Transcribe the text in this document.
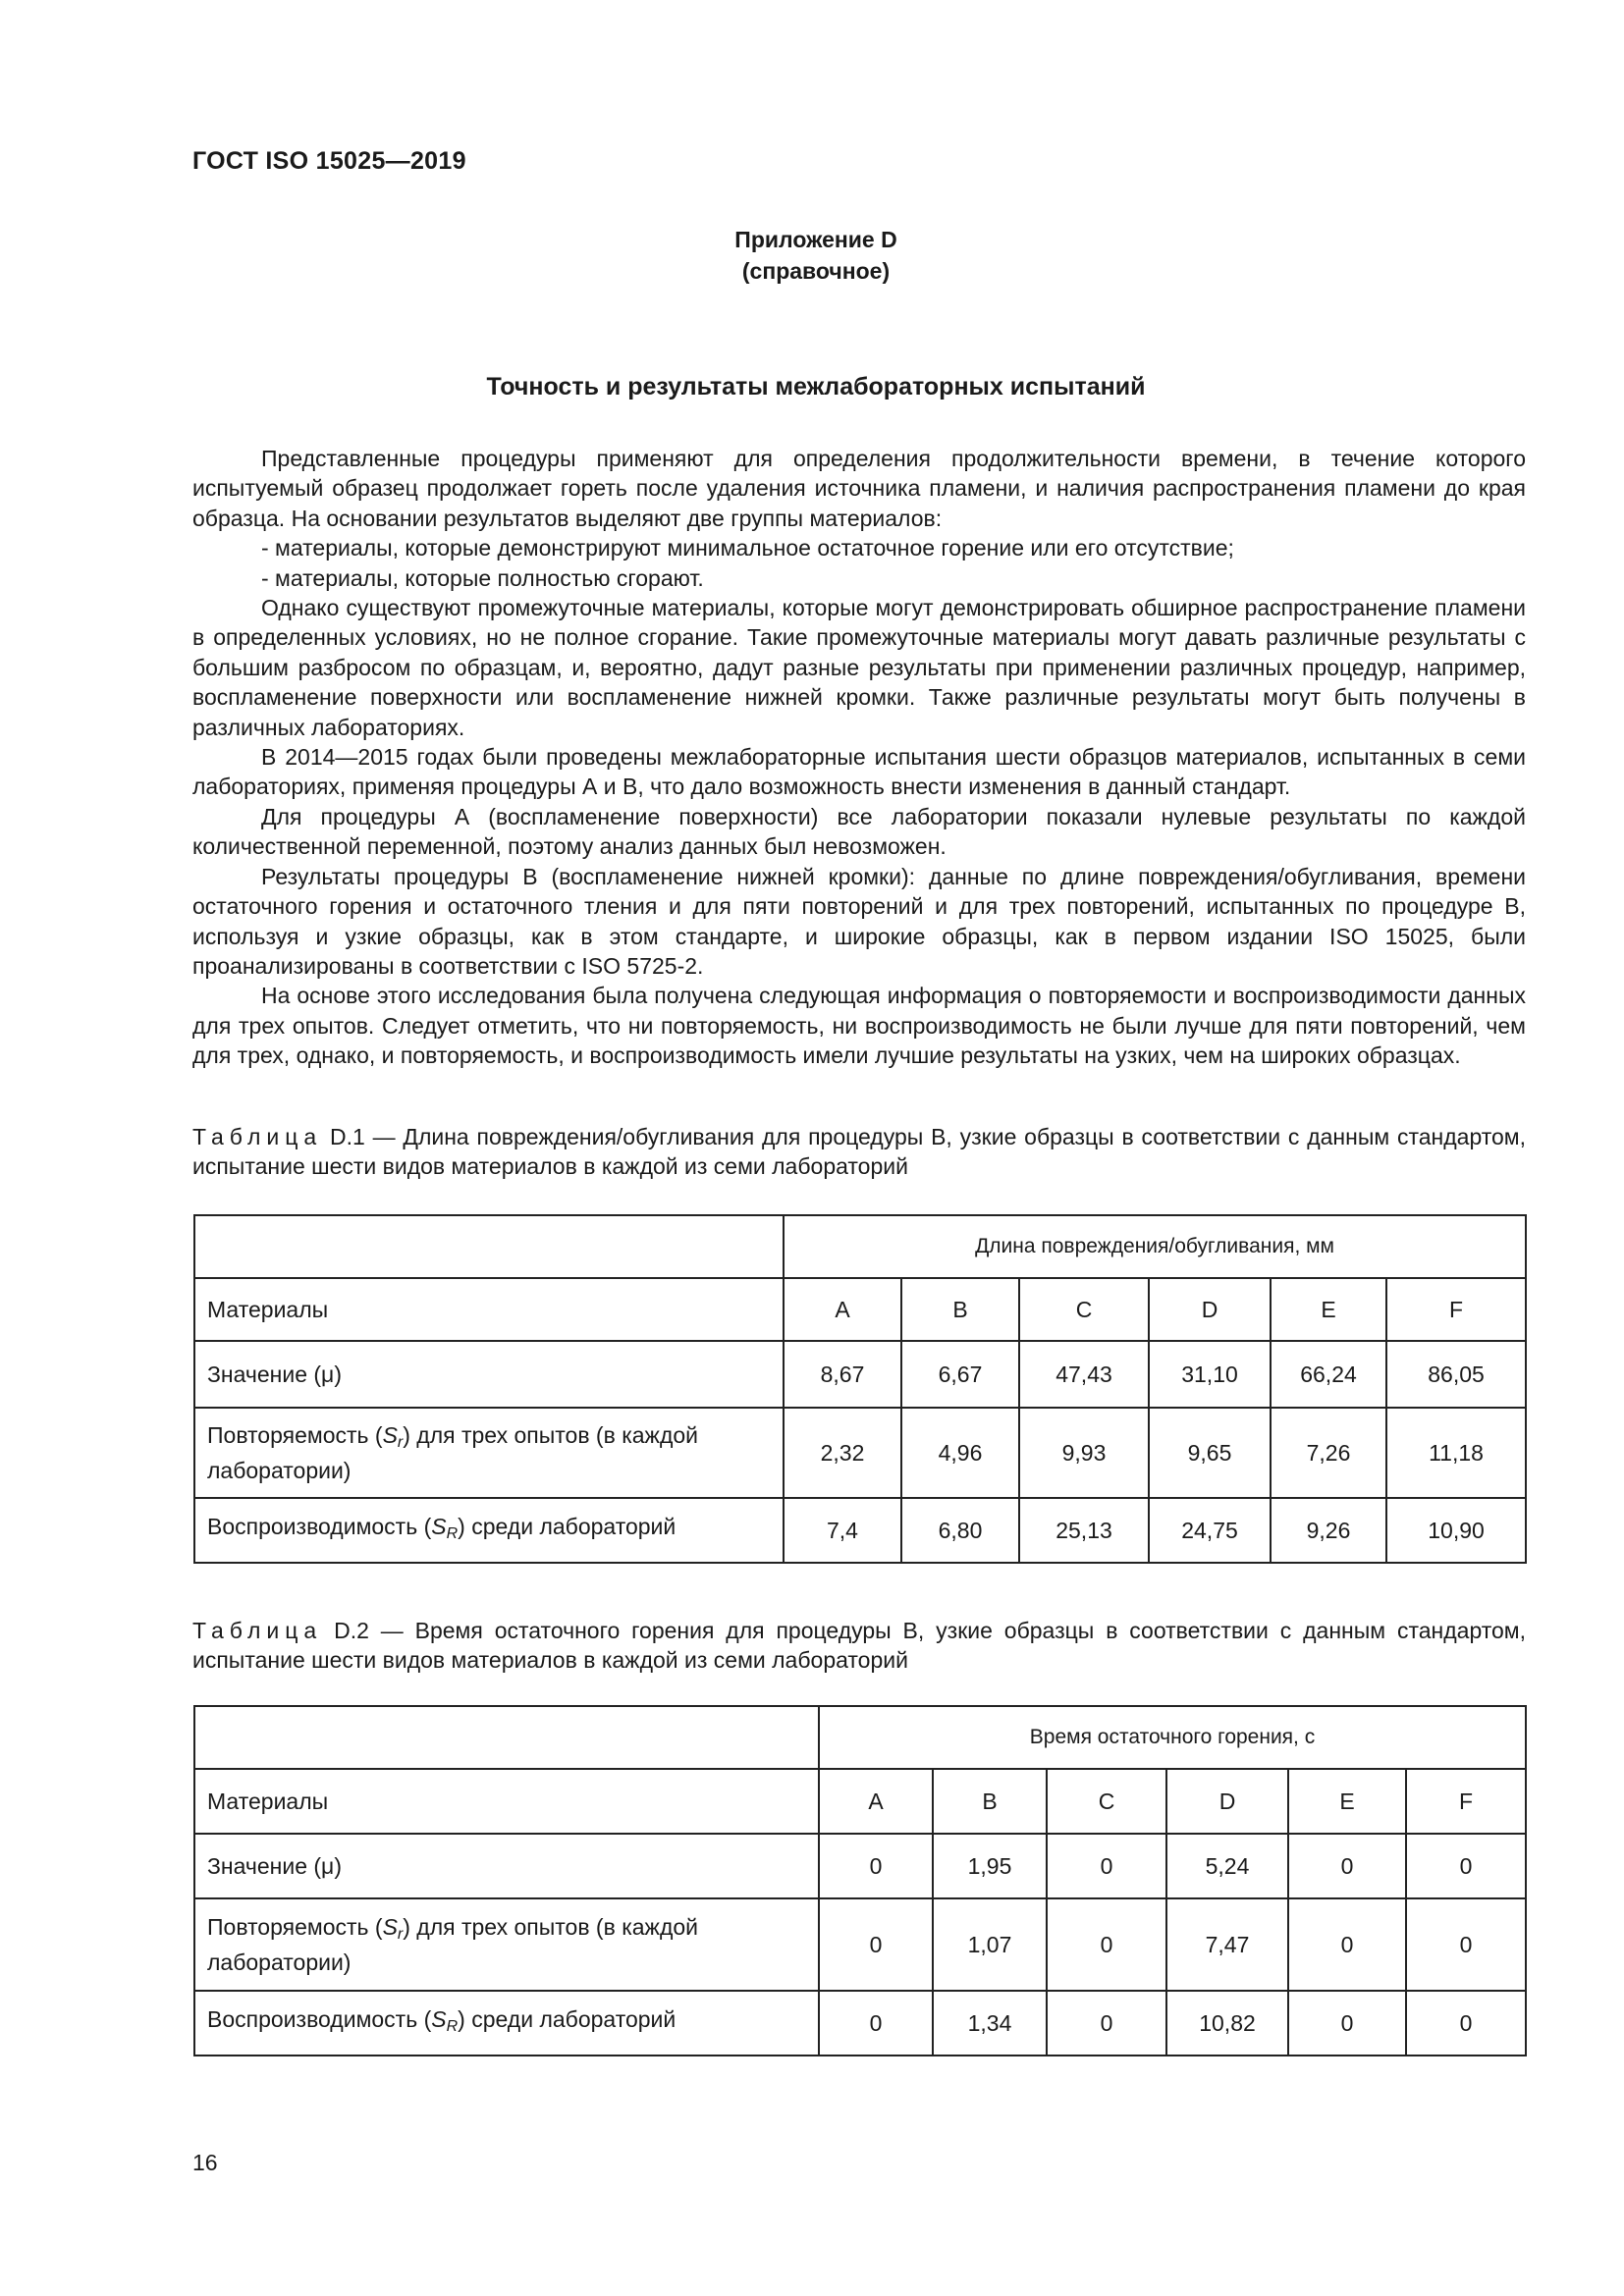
ГОСТ ISO 15025—2019
Приложение D
(справочное)
Точность и результаты межлабораторных испытаний

Представленные процедуры применяют для определения продолжительности времени, в течение которого испытуемый образец продолжает гореть после удаления источника пламени, и наличия распространения пламени до края образца. На основании результатов выделяют две группы материалов:

- материалы, которые демонстрируют минимальное остаточное горение или его отсутствие;

- материалы, которые полностью сгорают.

Однако существуют промежуточные материалы, которые могут демонстрировать обширное распространение пламени в определенных условиях, но не полное сгорание. Такие промежуточные материалы могут давать различные результаты с большим разбросом по образцам, и, вероятно, дадут разные результаты при применении различных процедур, например, воспламенение поверхности или воспламенение нижней кромки. Также различные результаты могут быть получены в различных лабораториях.

В 2014—2015 годах были проведены межлабораторные испытания шести образцов материалов, испытанных в семи лабораториях, применяя процедуры А и В, что дало возможность внести изменения в данный стандарт.

Для процедуры А (воспламенение поверхности) все лаборатории показали нулевые результаты по каждой количественной переменной, поэтому анализ данных был невозможен.

Результаты процедуры В (воспламенение нижней кромки): данные по длине повреждения/обугливания, времени остаточного горения и остаточного тления и для пяти повторений и для трех повторений, испытанных по процедуре В, используя и узкие образцы, как в этом стандарте, и широкие образцы, как в первом издании ISO 15025, были проанализированы в соответствии с ISO 5725-2.

На основе этого исследования была получена следующая информация о повторяемости и воспроизводимости данных для трех опытов. Следует отметить, что ни повторяемость, ни воспроизводимость не были лучше для пяти повторений, чем для трех, однако, и повторяемость, и воспроизводимость имели лучшие результаты на узких, чем на широких образцах.

Таблица D.1 — Длина повреждения/обугливания для процедуры В, узкие образцы в соответствии с данным стандартом, испытание шести видов материалов в каждой из семи лабораторий
	Длина повреждения/обугливания, мм					
Материалы	A	B	C	D	E	F
Значение (μ)	8,67	6,67	47,43	31,10	66,24	86,05
Повторяемость $(S_r)$ для трех опытов (в каждой лаборатории)	2,32	4,96	9,93	9,65	7,26	11,18
Воспроизводимость $(S_R)$ среди лабораторий	7,4	6,80	25,13	24,75	9,26	10,90
Таблица D.2 — Время остаточного горения для процедуры В, узкие образцы в соответствии с данным стандартом, испытание шести видов материалов в каждой из семи лабораторий
	Время остаточного горения, с					
Материалы	A	B	C	D	E	F
Значение (μ)	0	1,95	0	5,24	0	0
Повторяемость $(S_r)$ для трех опытов (в каждой лаборатории)	0	1,07	0	7,47	0	0
Воспроизводимость $(S_R)$ среди лабораторий	0	1,34	0	10,82	0	0
16
